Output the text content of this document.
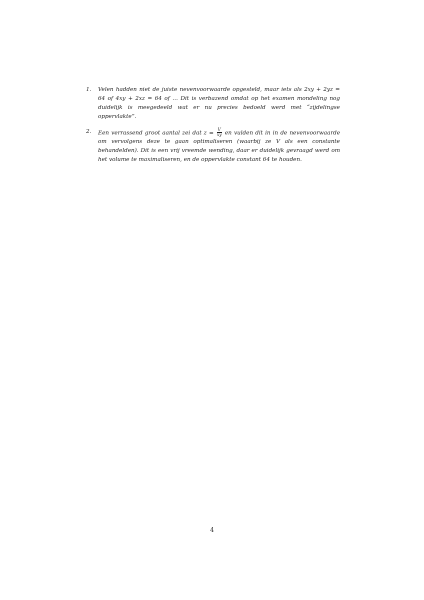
1. Velen hadden niet de juiste nevenvoorwaarde opgesteld, maar iets als 2xy + 2yz = 64 of 4xy + 2xz = 64 of … Dit is verbazend omdat op het examen mondeling nog duidelijk is meegedeeld wat er nu precies bedoeld werd met “zijdelingse oppervlakte”.
2. Een verrassend groot aantal zei dat $z = \frac{V}{xy}$ en vulden dit in in de nevenvoorwaarde om vervolgens deze te gaan optimaliseren (waarbij ze V als een constante behandelden). Dit is een vrij vreemde wending, daar er duidelijk gevraagd werd om het volume te maximaliseren, en de oppervlakte constant 64 te houden.
4
